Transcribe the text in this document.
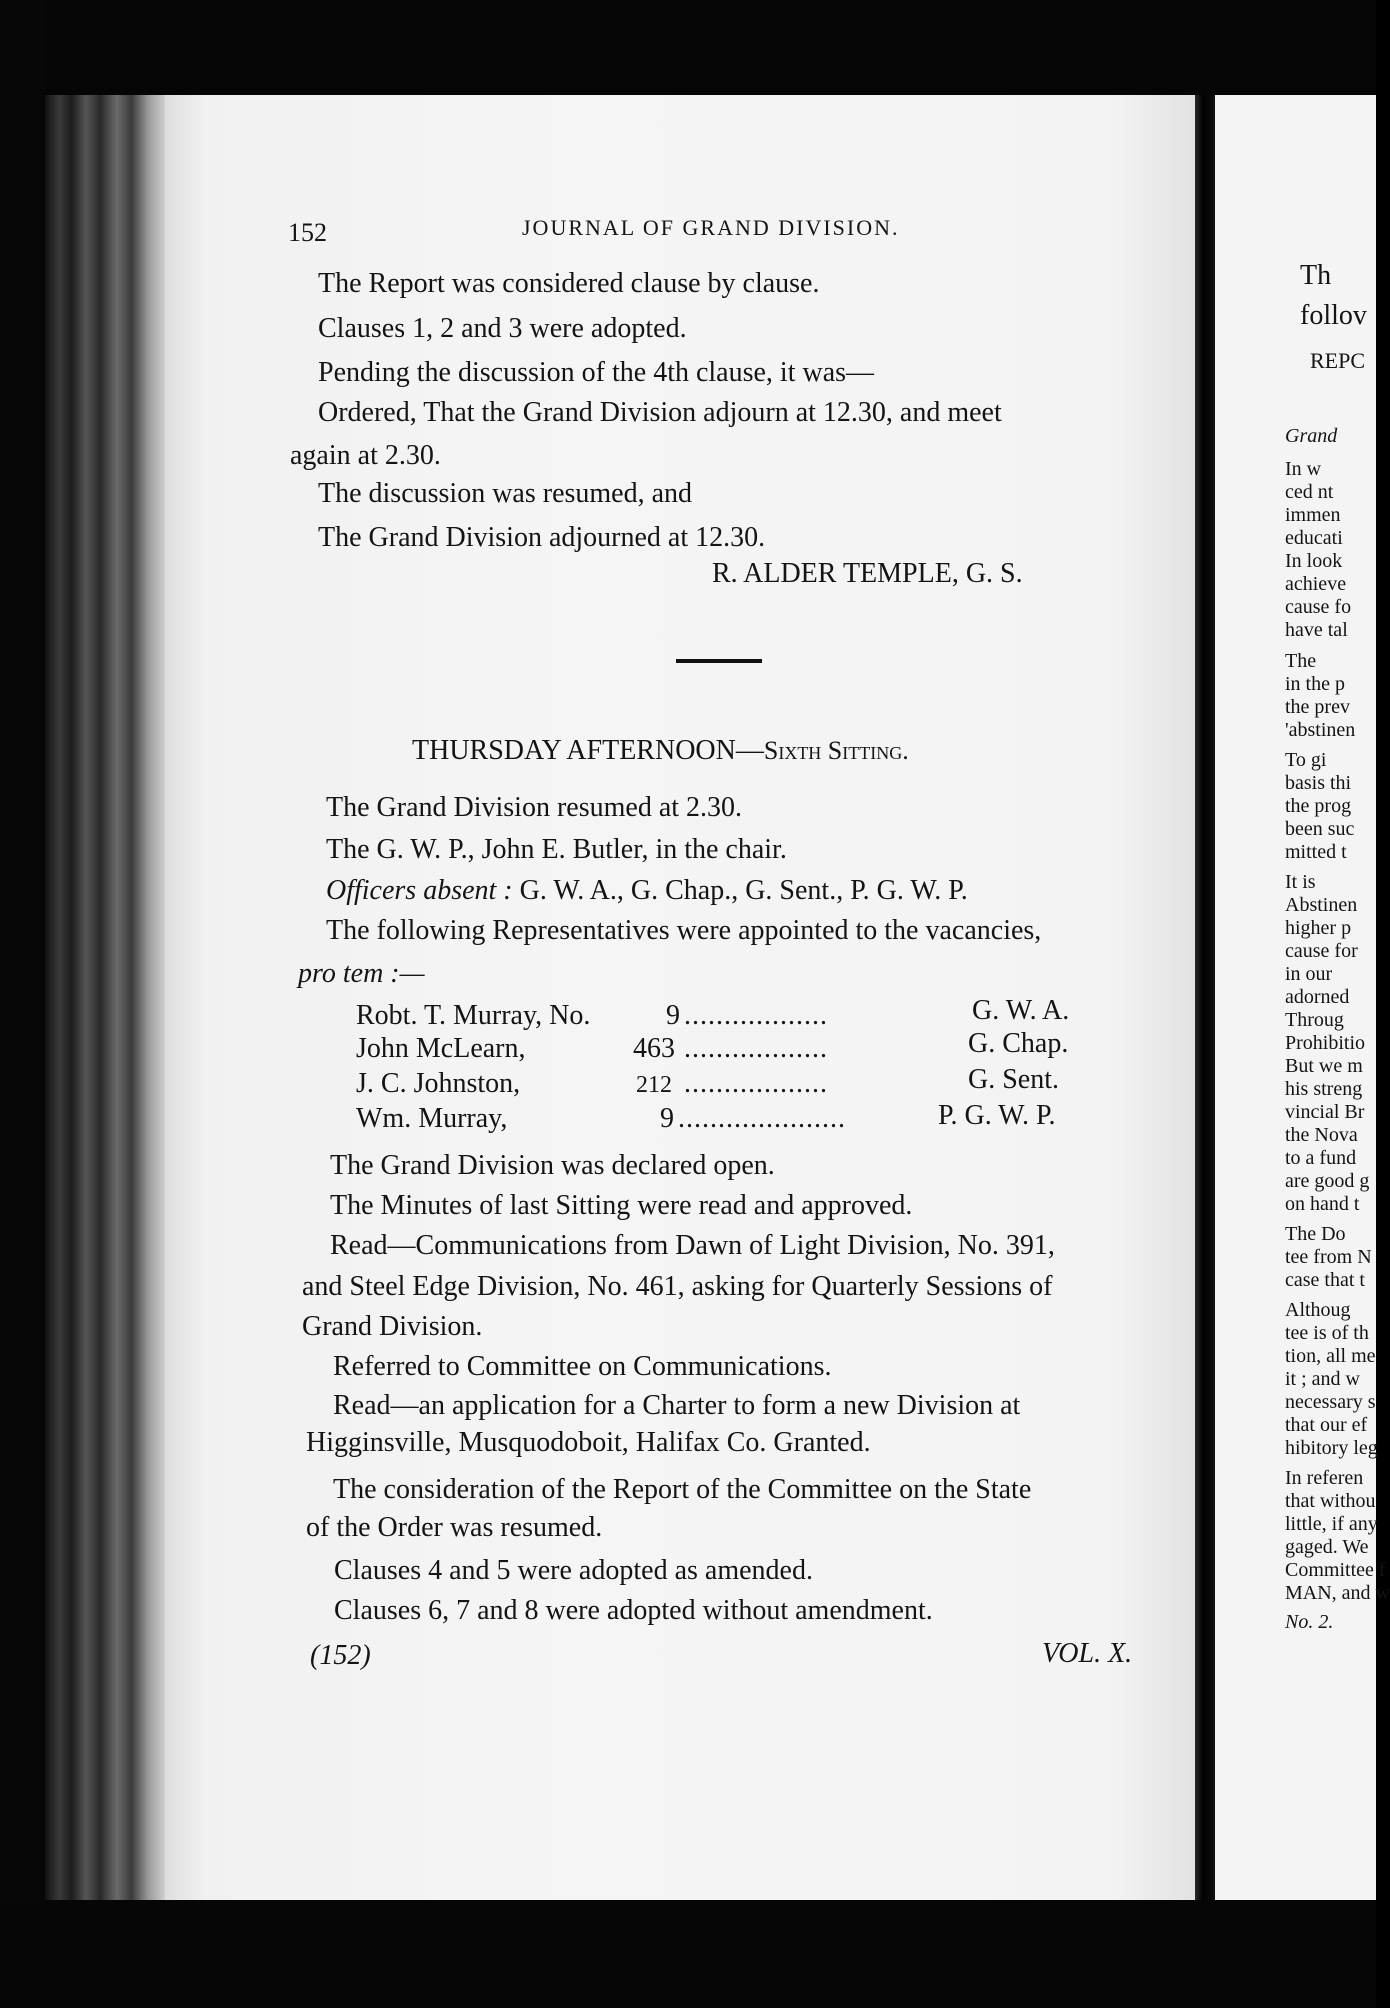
Th
follov
REPC
Grand
In w
ced nt
immen
educati
In look
achieve
cause fo
have tal
The
in the p
the prev
'abstinen
To gi
basis thi
the prog
been suc
mitted t
It is
Abstinen
higher p
cause for
in our
adorned
Throug
Prohibitio
But we m
his streng
vincial Br
the Nova
to a fund
are good g
on hand t
The Do
tee from N
case that t
Althoug
tee is of th
tion, all me
it ; and w
necessary s
that our ef
hibitory leg
In referen
that withou
little, if any
gaged. We
Committee f
MAN, and w
No. 2.
152	JOURNAL OF GRAND DIVISION.
The Report was considered clause by clause.
Clauses 1, 2 and 3 were adopted.
Pending the discussion of the 4th clause, it was—
Ordered, That the Grand Division adjourn at 12.30, and meet
again at 2.30.
The discussion was resumed, and
The Grand Division adjourned at 12.30.
R. ALDER TEMPLE, G. S.
THURSDAY AFTERNOON—Sixth Sitting.
The Grand Division resumed at 2.30.
The G. W. P., John E. Butler, in the chair.
Officers absent : G. W. A., G. Chap., G. Sent., P. G. W. P.
The following Representatives were appointed to the vacancies,
pro tem :—
Robt. T. Murray, No.	9 ..................	G. W. A.
John McLearn,	463 ..................	G. Chap.
J. C. Johnston,	212 ..................	G. Sent.
Wm. Murray,	9 .....................	P. G. W. P.
The Grand Division was declared open.
The Minutes of last Sitting were read and approved.
Read—Communications from Dawn of Light Division, No. 391,
and Steel Edge Division, No. 461, asking for Quarterly Sessions of
Grand Division.
Referred to Committee on Communications.
Read—an application for a Charter to form a new Division at
Higginsville, Musquodoboit, Halifax Co. Granted.
The consideration of the Report of the Committee on the State
of the Order was resumed.
Clauses 4 and 5 were adopted as amended.
Clauses 6, 7 and 8 were adopted without amendment.
(152)	VOL. X.
